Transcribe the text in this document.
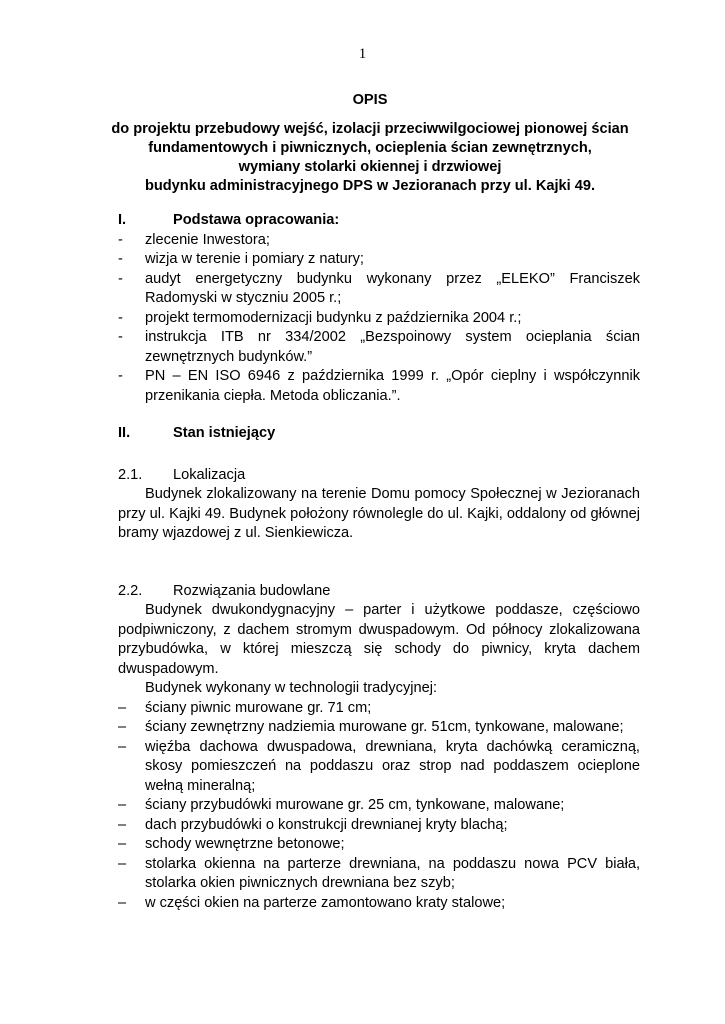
1
OPIS
do projektu przebudowy wejść, izolacji przeciwwilgociowej pionowej ścian
fundamentowych i piwnicznych, ocieplenia ścian zewnętrznych,
wymiany stolarki okiennej i drzwiowej
budynku administracyjnego DPS w Jezioranach przy ul. Kajki 49.
I.	Podstawa opracowania:
-	zlecenie Inwestora;
-	wizja w terenie i pomiary z natury;
-	audyt energetyczny budynku wykonany przez „ELEKO” Franciszek Radomyski w styczniu 2005 r.;
-	projekt termomodernizacji budynku z października 2004 r.;
-	instrukcja ITB nr 334/2002 „Bezspoinowy system ocieplania ścian zewnętrznych budynków.”
-	PN – EN ISO 6946 z października 1999 r. „Opór cieplny i współczynnik przenikania ciepła. Metoda obliczania.”.
II.	Stan istniejący
2.1.	Lokalizacja
Budynek zlokalizowany na terenie Domu pomocy Społecznej w Jezioranach przy ul. Kajki 49. Budynek położony równolegle do ul. Kajki, oddalony od głównej bramy wjazdowej z ul. Sienkiewicza.
2.2.	Rozwiązania budowlane
Budynek dwukondygnacyjny – parter i użytkowe poddasze, częściowo podpiwniczony, z dachem stromym dwuspadowym. Od północy zlokalizowana przybudówka, w której mieszczą się schody do piwnicy, kryta dachem dwuspadowym.
Budynek wykonany w technologii tradycyjnej:
–	ściany piwnic murowane gr. 71 cm;
–	ściany zewnętrzny nadziemia murowane gr. 51cm, tynkowane, malowane;
–	więźba dachowa dwuspadowa, drewniana, kryta dachówką ceramiczną, skosy pomieszczeń na poddaszu oraz strop nad poddaszem ocieplone wełną mineralną;
–	ściany przybudówki murowane gr. 25 cm, tynkowane, malowane;
–	dach przybudówki o konstrukcji drewnianej kryty blachą;
–	schody wewnętrzne betonowe;
–	stolarka okienna na parterze drewniana, na poddaszu nowa PCV biała, stolarka okien piwnicznych drewniana bez szyb;
–	w części okien na parterze zamontowano kraty stalowe;
